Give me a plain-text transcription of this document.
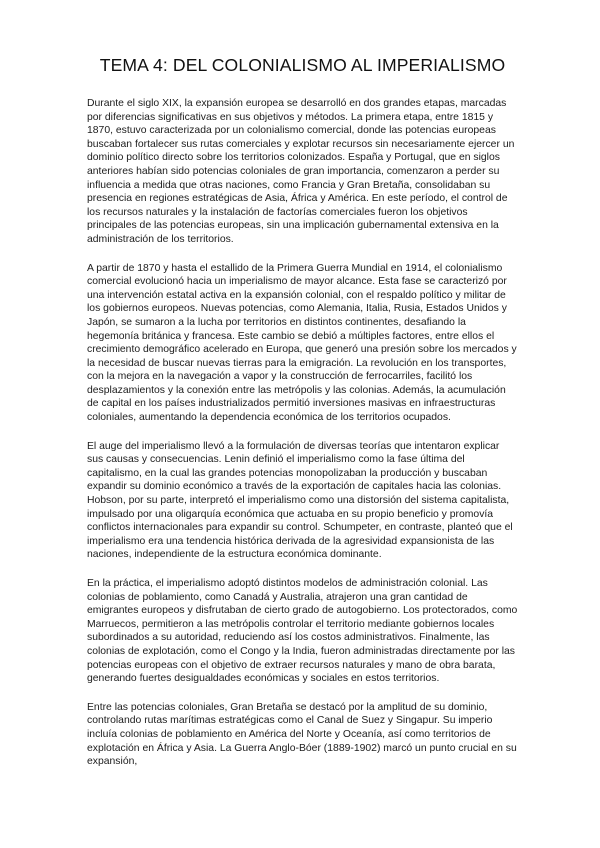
TEMA 4: DEL COLONIALISMO AL IMPERIALISMO

Durante el siglo XIX, la expansión europea se desarrolló en dos grandes etapas, marcadas por diferencias significativas en sus objetivos y métodos. La primera etapa, entre 1815 y 1870, estuvo caracterizada por un colonialismo comercial, donde las potencias europeas buscaban fortalecer sus rutas comerciales y explotar recursos sin necesariamente ejercer un dominio político directo sobre los territorios colonizados. España y Portugal, que en siglos anteriores habían sido potencias coloniales de gran importancia, comenzaron a perder su influencia a medida que otras naciones, como Francia y Gran Bretaña, consolidaban su presencia en regiones estratégicas de Asia, África y América. En este período, el control de los recursos naturales y la instalación de factorías comerciales fueron los objetivos principales de las potencias europeas, sin una implicación gubernamental extensiva en la administración de los territorios.

A partir de 1870 y hasta el estallido de la Primera Guerra Mundial en 1914, el colonialismo comercial evolucionó hacia un imperialismo de mayor alcance. Esta fase se caracterizó por una intervención estatal activa en la expansión colonial, con el respaldo político y militar de los gobiernos europeos. Nuevas potencias, como Alemania, Italia, Rusia, Estados Unidos y Japón, se sumaron a la lucha por territorios en distintos continentes, desafiando la hegemonía británica y francesa. Este cambio se debió a múltiples factores, entre ellos el crecimiento demográfico acelerado en Europa, que generó una presión sobre los mercados y la necesidad de buscar nuevas tierras para la emigración. La revolución en los transportes, con la mejora en la navegación a vapor y la construcción de ferrocarriles, facilitó los desplazamientos y la conexión entre las metrópolis y las colonias. Además, la acumulación de capital en los países industrializados permitió inversiones masivas en infraestructuras coloniales, aumentando la dependencia económica de los territorios ocupados.

El auge del imperialismo llevó a la formulación de diversas teorías que intentaron explicar sus causas y consecuencias. Lenin definió el imperialismo como la fase última del capitalismo, en la cual las grandes potencias monopolizaban la producción y buscaban expandir su dominio económico a través de la exportación de capitales hacia las colonias. Hobson, por su parte, interpretó el imperialismo como una distorsión del sistema capitalista, impulsado por una oligarquía económica que actuaba en su propio beneficio y promovía conflictos internacionales para expandir su control. Schumpeter, en contraste, planteó que el imperialismo era una tendencia histórica derivada de la agresividad expansionista de las naciones, independiente de la estructura económica dominante.

En la práctica, el imperialismo adoptó distintos modelos de administración colonial. Las colonias de poblamiento, como Canadá y Australia, atrajeron una gran cantidad de emigrantes europeos y disfrutaban de cierto grado de autogobierno. Los protectorados, como Marruecos, permitieron a las metrópolis controlar el territorio mediante gobiernos locales subordinados a su autoridad, reduciendo así los costos administrativos. Finalmente, las colonias de explotación, como el Congo y la India, fueron administradas directamente por las potencias europeas con el objetivo de extraer recursos naturales y mano de obra barata, generando fuertes desigualdades económicas y sociales en estos territorios.

Entre las potencias coloniales, Gran Bretaña se destacó por la amplitud de su dominio, controlando rutas marítimas estratégicas como el Canal de Suez y Singapur. Su imperio incluía colonias de poblamiento en América del Norte y Oceanía, así como territorios de explotación en África y Asia. La Guerra Anglo-Bóer (1889-1902) marcó un punto crucial en su expansión,
